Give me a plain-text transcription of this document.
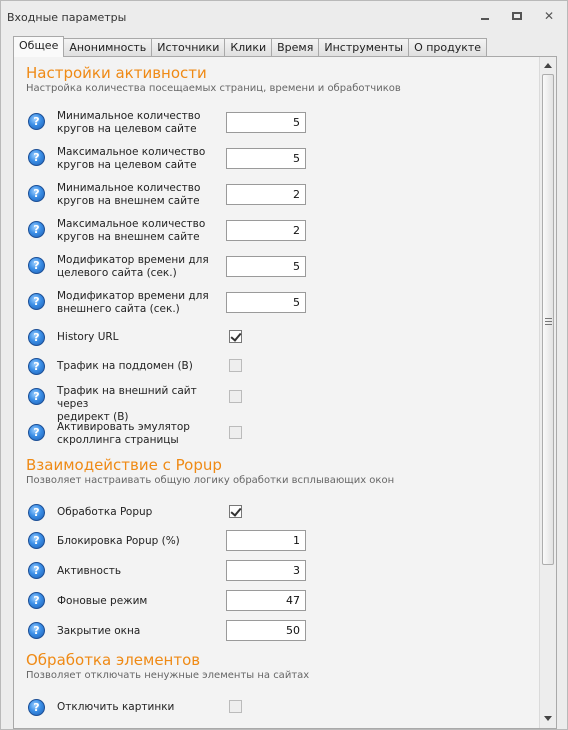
Входные параметры	✕
Общее	Анонимность	Источники	Клики	Время	Инструменты	О продукте
Настройки активности
Настройка количества посещаемых страниц, времени и обработчиков
?	Минимальное количество
кругов на целевом сайте	5
?	Максимальное количество
кругов на целевом сайте	5
?	Минимальное количество
кругов на внешнем сайте	2
?	Максимальное количество
кругов на внешнем сайте	2
?	Модификатор времени для
целевого сайта (сек.)	5
?	Модификатор времени для
внешнего сайта (сек.)	5
?	History URL
?	Трафик на поддомен (B)
?	Трафик на внешний сайт через
редирект (B)
?	Активировать эмулятор
скроллинга страницы
Взаимодействие с Popup
Позволяет настраивать общую логику обработки всплывающих окон
?	Обработка Popup
?	Блокировка Popup (%)	1
?	Активность	3
?	Фоновые режим	47
?	Закрытие окна	50
Обработка элементов
Позволяет отключать ненужные элементы на сайтах
?	Отключить картинки
